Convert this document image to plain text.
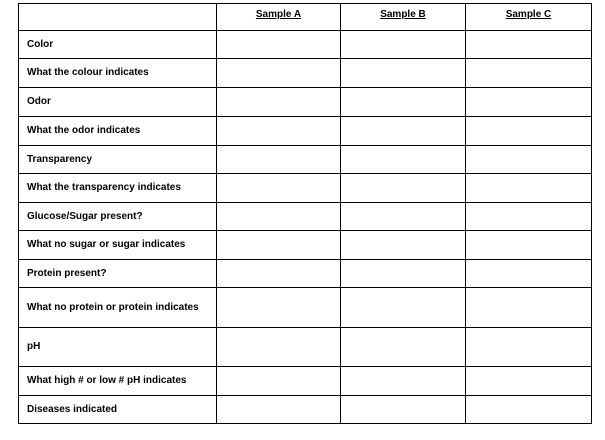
	Sample A	Sample B	Sample C
Color			
What the colour indicates			
Odor			
What the odor indicates			
Transparency			
What the transparency indicates			
Glucose/Sugar present?			
What no sugar or sugar indicates			
Protein present?			
What no protein or protein indicates			
pH			
What high # or low # pH indicates			
Diseases indicated			
